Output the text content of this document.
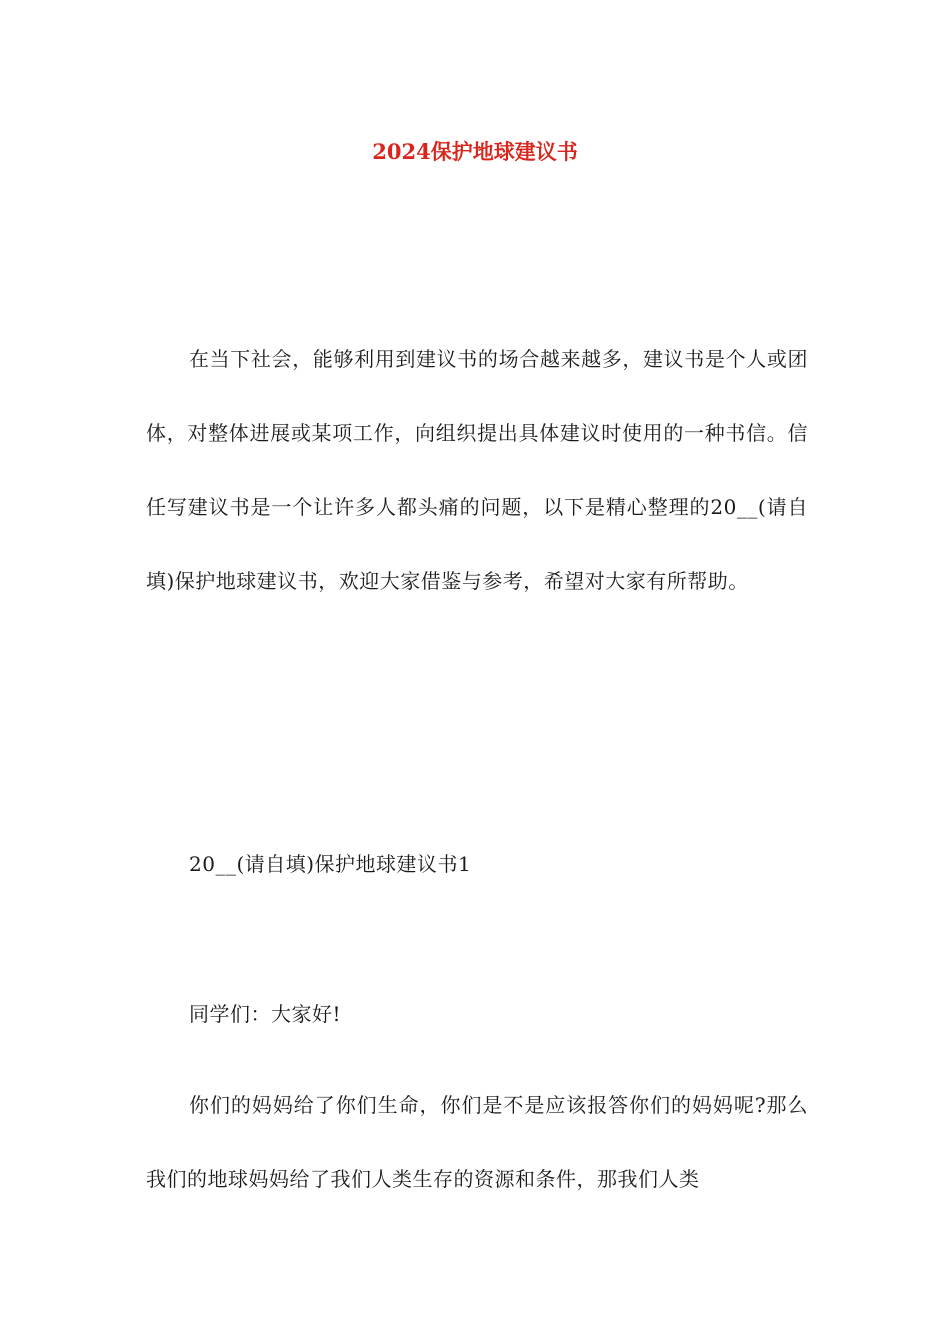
2024保护地球建议书

在当下社会，能够利用到建议书的场合越来越多，建议书是个人或团体，对整体进展或某项工作，向组织提出具体建议时使用的一种书信。信任写建议书是一个让许多人都头痛的问题，以下是精心整理的20__(请自填)保护地球建议书，欢迎大家借鉴与参考，希望对大家有所帮助。

20__(请自填)保护地球建议书1

同学们：大家好!

你们的妈妈给了你们生命，你们是不是应该报答你们的妈妈呢?那么我们的地球妈妈给了我们人类生存的资源和条件，那我们人类
